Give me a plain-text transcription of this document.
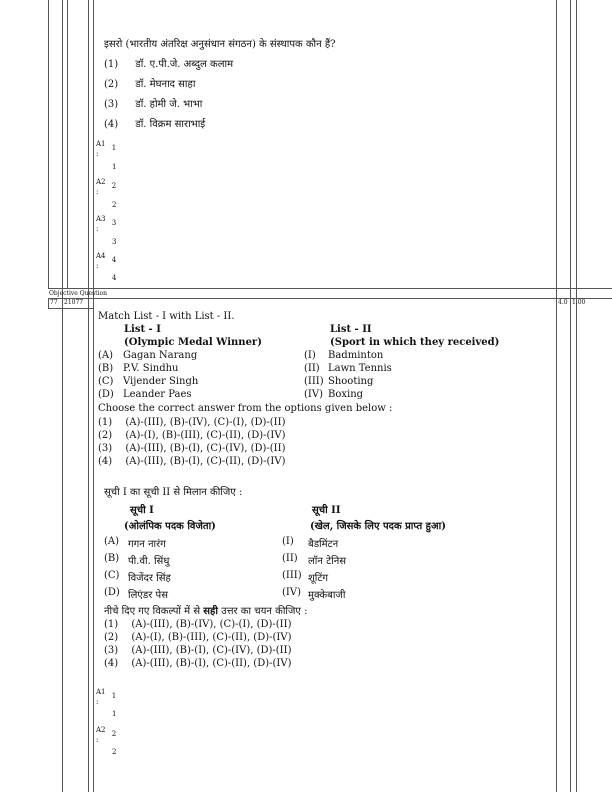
इसरो (भारतीय अंतरिक्ष अनुसंधान संगठन) के संस्थापक कौन हैं?
(1) डॉ. ए.पी.जे. अब्दुल कलाम
(2) डॉ. मेघनाद साहा
(3) डॉ. होमी जे. भाभा
(4) डॉ. विक्रम साराभाई
A1 1
:
1
A2 2
:
2
A3 3
:
3
A4 4
:
4
Objective Question
77 21077	4.0 1.00
Match List - I with List - II.
List - I
(Olympic Medal Winner)
List - II
(Sport in which they received)
(A) Gagan Narang	(I) Badminton
(B) P.V. Sindhu	(II) Lawn Tennis
(C) Vijender Singh	(III) Shooting
(D) Leander Paes	(IV) Boxing
Choose the correct answer from the options given below :
(1) (A)-(III), (B)-(IV), (C)-(I), (D)-(II)
(2) (A)-(I), (B)-(III), (C)-(II), (D)-(IV)
(3) (A)-(III), (B)-(I), (C)-(IV), (D)-(II)
(4) (A)-(III), (B)-(I), (C)-(II), (D)-(IV)
सूची I का सूची II से मिलान कीजिए :
सूची I
(ओलंपिक पदक विजेता)
सूची II
(खेल, जिसके लिए पदक प्राप्त हुआ)
(A) गगन नारंग	(I) बैडमिंटन
(B) पी.वी. सिंधु	(II) लॉन टेनिस
(C) विजेंदर सिंह	(III) शूटिंग
(D) लिएंडर पेस	(IV) मुक्केबाजी
नीचे दिए गए विकल्पों में से सही उत्तर का चयन कीजिए :
(1) (A)-(III), (B)-(IV), (C)-(I), (D)-(II)
(2) (A)-(I), (B)-(III), (C)-(II), (D)-(IV)
(3) (A)-(III), (B)-(I), (C)-(IV), (D)-(II)
(4) (A)-(III), (B)-(I), (C)-(II), (D)-(IV)
A1 1
:
1
A2 2
:
2
